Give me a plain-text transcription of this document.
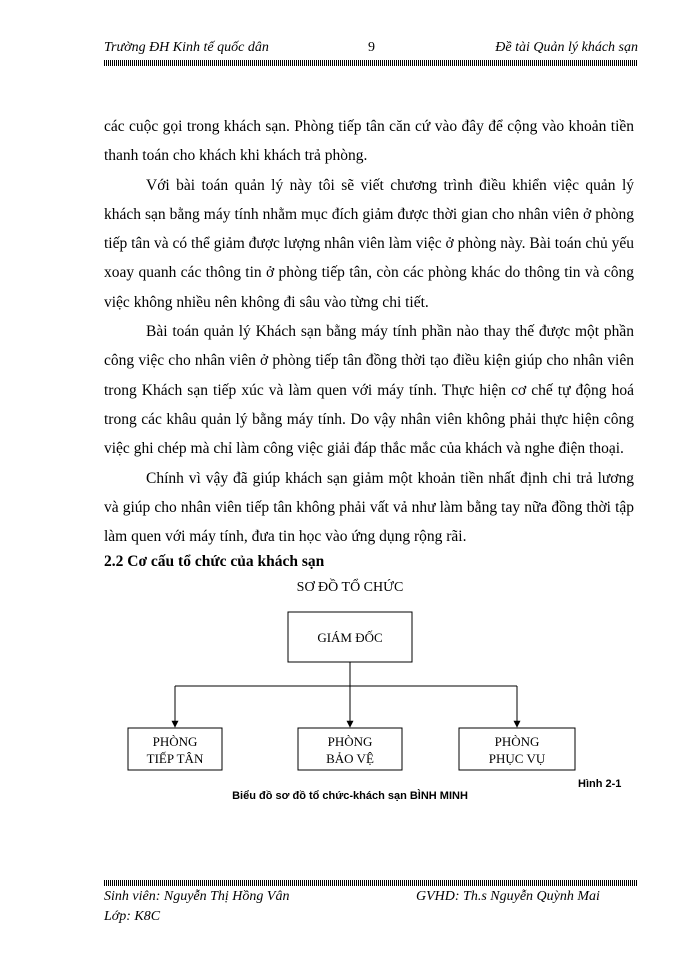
Trường ĐH Kinh tế quốc dân	9	Đề tài Quản lý khách sạn

các cuộc gọi trong khách sạn. Phòng tiếp tân căn cứ vào đây để cộng vào khoản tiền thanh toán cho khách khi khách trả phòng.

Với bài toán quản lý này tôi sẽ viết chương trình điều khiển việc quản lý khách sạn bằng máy tính nhằm mục đích giảm được thời gian cho nhân viên ở phòng tiếp tân và có thể giảm được lượng nhân viên làm việc ở phòng này. Bài toán chủ yếu xoay quanh các thông tin ở phòng tiếp tân, còn các phòng khác do thông tin và công việc không nhiều nên không đi sâu vào từng chi tiết.

Bài toán quản lý Khách sạn bằng máy tính phần nào thay thế được một phần công việc cho nhân viên ở phòng tiếp tân đồng thời tạo điều kiện giúp cho nhân viên trong Khách sạn tiếp xúc và làm quen với máy tính. Thực hiện cơ chế tự động hoá trong các khâu quản lý bằng máy tính. Do vậy nhân viên không phải thực hiện công việc ghi chép mà chỉ làm công việc giải đáp thắc mắc của khách và nghe điện thoại.

Chính vì vậy đã giúp khách sạn giảm một khoản tiền nhất định chi trả lương và giúp cho nhân viên tiếp tân không phải vất vả như làm bằng tay nữa đồng thời tập làm quen với máy tính, đưa tin học vào ứng dụng rộng rãi.

2.2 Cơ cấu tổ chức của khách sạn
SƠ ĐỒ TỔ CHỨC
GIÁM ĐỐC
PHÒNG
TIẾP TÂN
PHÒNG
BẢO VỆ
PHÒNG
PHỤC VỤ
Hình 2-1
Biểu đồ sơ đồ tổ chức-khách sạn BÌNH MINH
Sinh viên: Nguyễn Thị Hồng Vân	GVHD: Th.s Nguyễn Quỳnh Mai
Lớp: K8C
